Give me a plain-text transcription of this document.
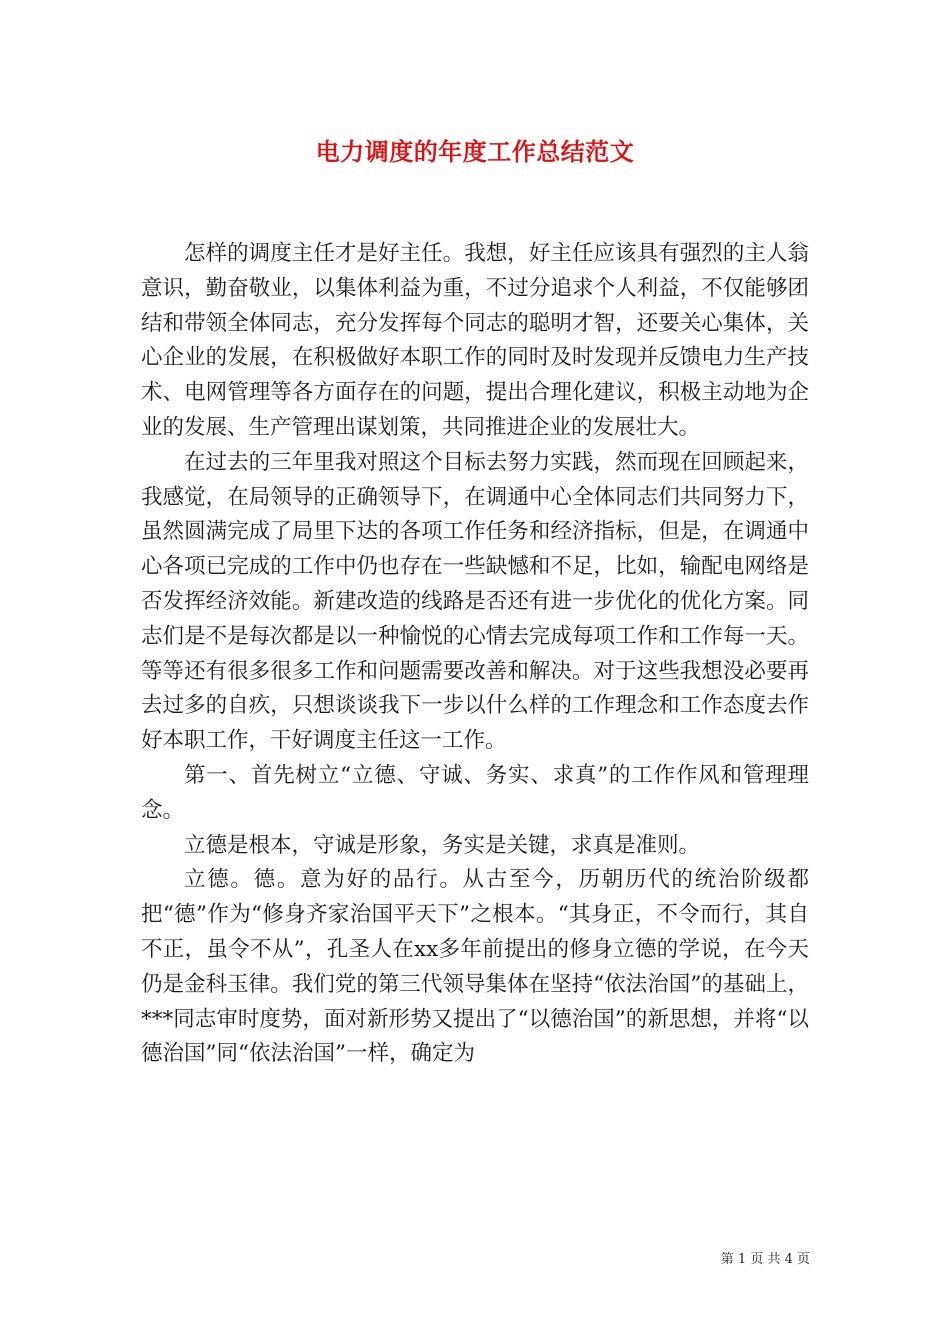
电力调度的年度工作总结范文

怎样的调度主任才是好主任。我想，好主任应该具有强烈的主人翁意识，勤奋敬业，以集体利益为重，不过分追求个人利益，不仅能够团结和带领全体同志，充分发挥每个同志的聪明才智，还要关心集体，关心企业的发展，在积极做好本职工作的同时及时发现并反馈电力生产技术、电网管理等各方面存在的问题，提出合理化建议，积极主动地为企业的发展、生产管理出谋划策，共同推进企业的发展壮大。

在过去的三年里我对照这个目标去努力实践，然而现在回顾起来，我感觉，在局领导的正确领导下，在调通中心全体同志们共同努力下，虽然圆满完成了局里下达的各项工作任务和经济指标，但是，在调通中心各项已完成的工作中仍也存在一些缺憾和不足，比如，输配电网络是否发挥经济效能。新建改造的线路是否还有进一步优化的优化方案。同志们是不是每次都是以一种愉悦的心情去完成每项工作和工作每一天。等等还有很多很多工作和问题需要改善和解决。对于这些我想没必要再去过多的自疚，只想谈谈我下一步以什么样的工作理念和工作态度去作好本职工作，干好调度主任这一工作。

第一、首先树立“立德、守诚、务实、求真”的工作作风和管理理念。

立德是根本，守诚是形象，务实是关键，求真是准则。

立德。德。意为好的品行。从古至今，历朝历代的统治阶级都把“德”作为“修身齐家治国平天下”之根本。“其身正，不令而行，其自不正，虽令不从”，孔圣人在xx多年前提出的修身立德的学说，在今天仍是金科玉律。我们党的第三代领导集体在坚持“依法治国”的基础上，***同志审时度势，面对新形势又提出了“以德治国”的新思想，并将“以德治国”同“依法治国”一样，确定为

第 1 页 共 4 页
